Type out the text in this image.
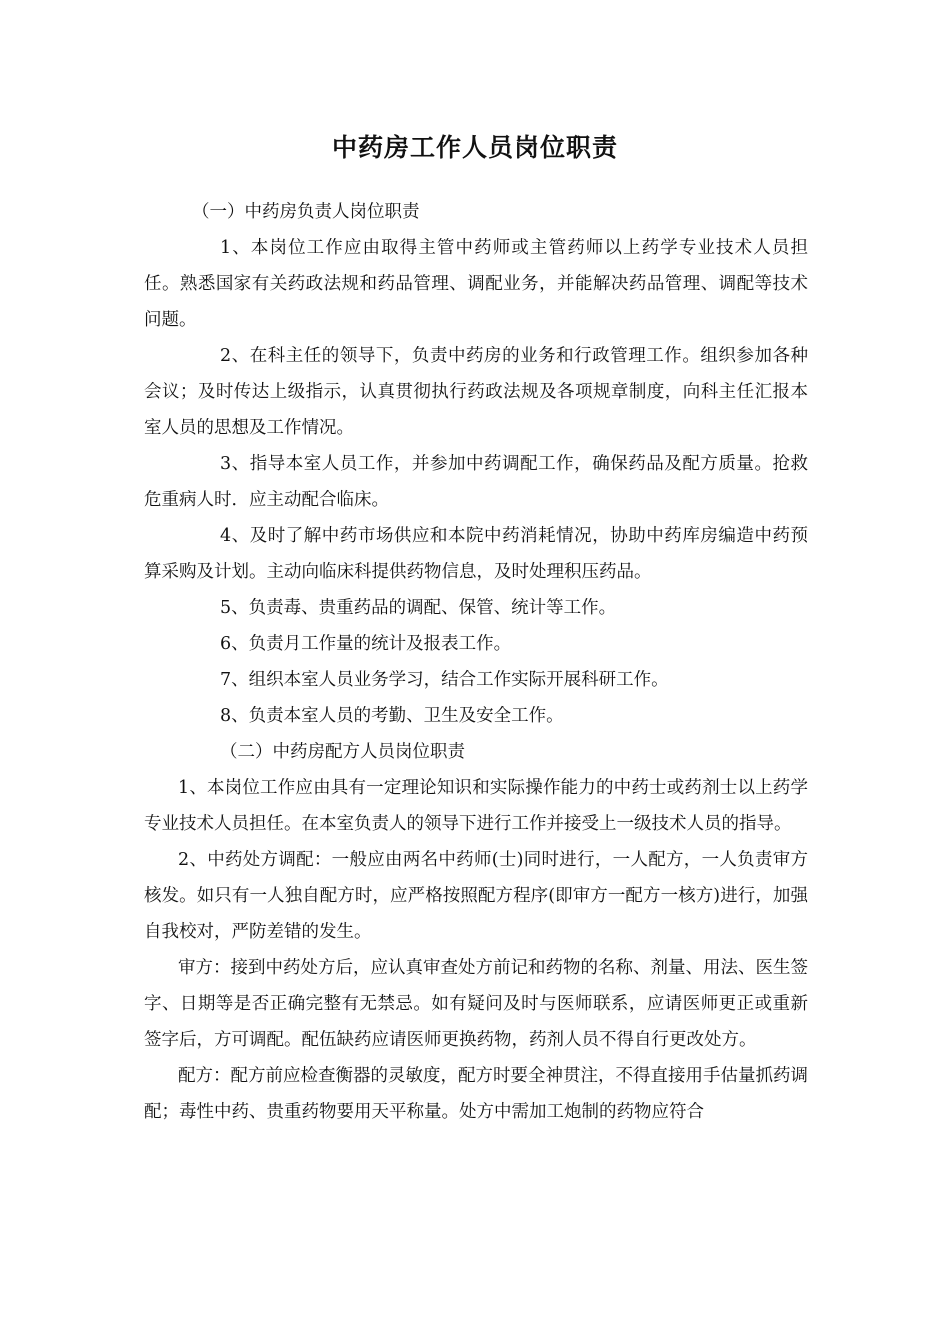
中药房工作人员岗位职责

（一）中药房负责人岗位职责

1、本岗位工作应由取得主管中药师或主管药师以上药学专业技术人员担任。熟悉国家有关药政法规和药品管理、调配业务，并能解决药品管理、调配等技术问题。

2、在科主任的领导下，负责中药房的业务和行政管理工作。组织参加各种会议；及时传达上级指示，认真贯彻执行药政法规及各项规章制度，向科主任汇报本室人员的思想及工作情况。

3、指导本室人员工作，并参加中药调配工作，确保药品及配方质量。抢救危重病人时．应主动配合临床。

4、及时了解中药市场供应和本院中药消耗情况，协助中药库房编造中药预算采购及计划。主动向临床科提供药物信息，及时处理积压药品。

5、负责毒、贵重药品的调配、保管、统计等工作。

6、负责月工作量的统计及报表工作。

7、组织本室人员业务学习，结合工作实际开展科研工作。

8、负责本室人员的考勤、卫生及安全工作。

（二）中药房配方人员岗位职责

1、本岗位工作应由具有一定理论知识和实际操作能力的中药士或药剂士以上药学专业技术人员担任。在本室负责人的领导下进行工作并接受上一级技术人员的指导。

2、中药处方调配：一般应由两名中药师(士)同时进行，一人配方，一人负责审方核发。如只有一人独自配方时，应严格按照配方程序(即审方一配方一核方)进行，加强自我校对，严防差错的发生。

审方：接到中药处方后，应认真审查处方前记和药物的名称、剂量、用法、医生签字、日期等是否正确完整有无禁忌。如有疑问及时与医师联系，应请医师更正或重新签字后，方可调配。配伍缺药应请医师更换药物，药剂人员不得自行更改处方。

配方：配方前应检查衡器的灵敏度，配方时要全神贯注，不得直接用手估量抓药调配；毒性中药、贵重药物要用天平称量。处方中需加工炮制的药物应符合
